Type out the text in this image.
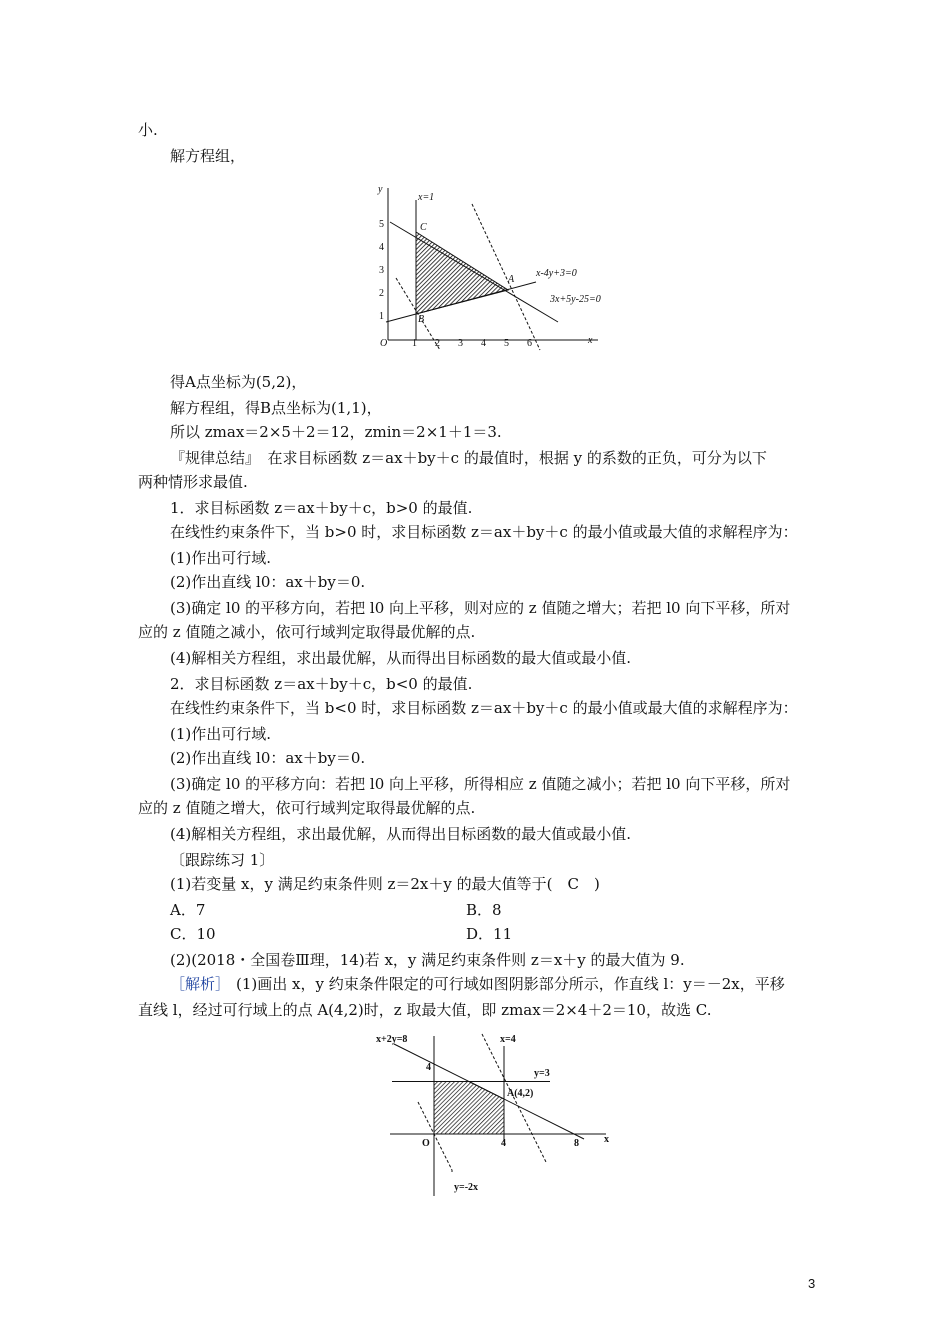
小.
解方程组，
y
x
O
x=1
x-4y+3=0
3x+5y-25=0
A
B
C
1 2 3 4 5 6
1
2
3
4
5
得A点坐标为(5,2)，
解方程组，得B点坐标为(1,1)，
所以 zmax＝2×5＋2＝12，zmin＝2×1＋1＝3.
『规律总结』　在求目标函数 z＝ax＋by＋c 的最值时，根据 y 的系数的正负，可分为以下
两种情形求最值.
1．求目标函数 z＝ax＋by＋c，b>0 的最值.
在线性约束条件下，当 b>0 时，求目标函数 z＝ax＋by＋c 的最小值或最大值的求解程序为：
(1)作出可行域.
(2)作出直线 l0：ax＋by＝0.
(3)确定 l0 的平移方向，若把 l0 向上平移，则对应的 z 值随之增大；若把 l0 向下平移，所对
应的 z 值随之减小，依可行域判定取得最优解的点.
(4)解相关方程组，求出最优解，从而得出目标函数的最大值或最小值.
2．求目标函数 z＝ax＋by＋c，b<0 的最值.
在线性约束条件下，当 b<0 时，求目标函数 z＝ax＋by＋c 的最小值或最大值的求解程序为：
(1)作出可行域.
(2)作出直线 l0：ax＋by＝0.
(3)确定 l0 的平移方向：若把 l0 向上平移，所得相应 z 值随之减小；若把 l0 向下平移，所对
应的 z 值随之增大，依可行域判定取得最优解的点.
(4)解相关方程组，求出最优解，从而得出目标函数的最大值或最小值.
〔跟踪练习 1〕
(1)若变量 x，y 满足约束条件则 z＝2x＋y 的最大值等于(　C　)
A．7	B．8
C．10	D．11
(2)(2018・全国卷Ⅲ理，14)若 x，y 满足约束条件则 z＝x＋y 的最大值为 9.
［解析］ (1)画出 x，y 约束条件限定的可行域如图阴影部分所示，作直线 l：y＝－2x，平移
直线 l，经过可行域上的点 A(4,2)时，z 取最大值，即 zmax＝2×4＋2＝10，故选 C.
x+2y=8	x=4
y=3
A(4,2)
y=-2x
O	x
4	8
4
3
